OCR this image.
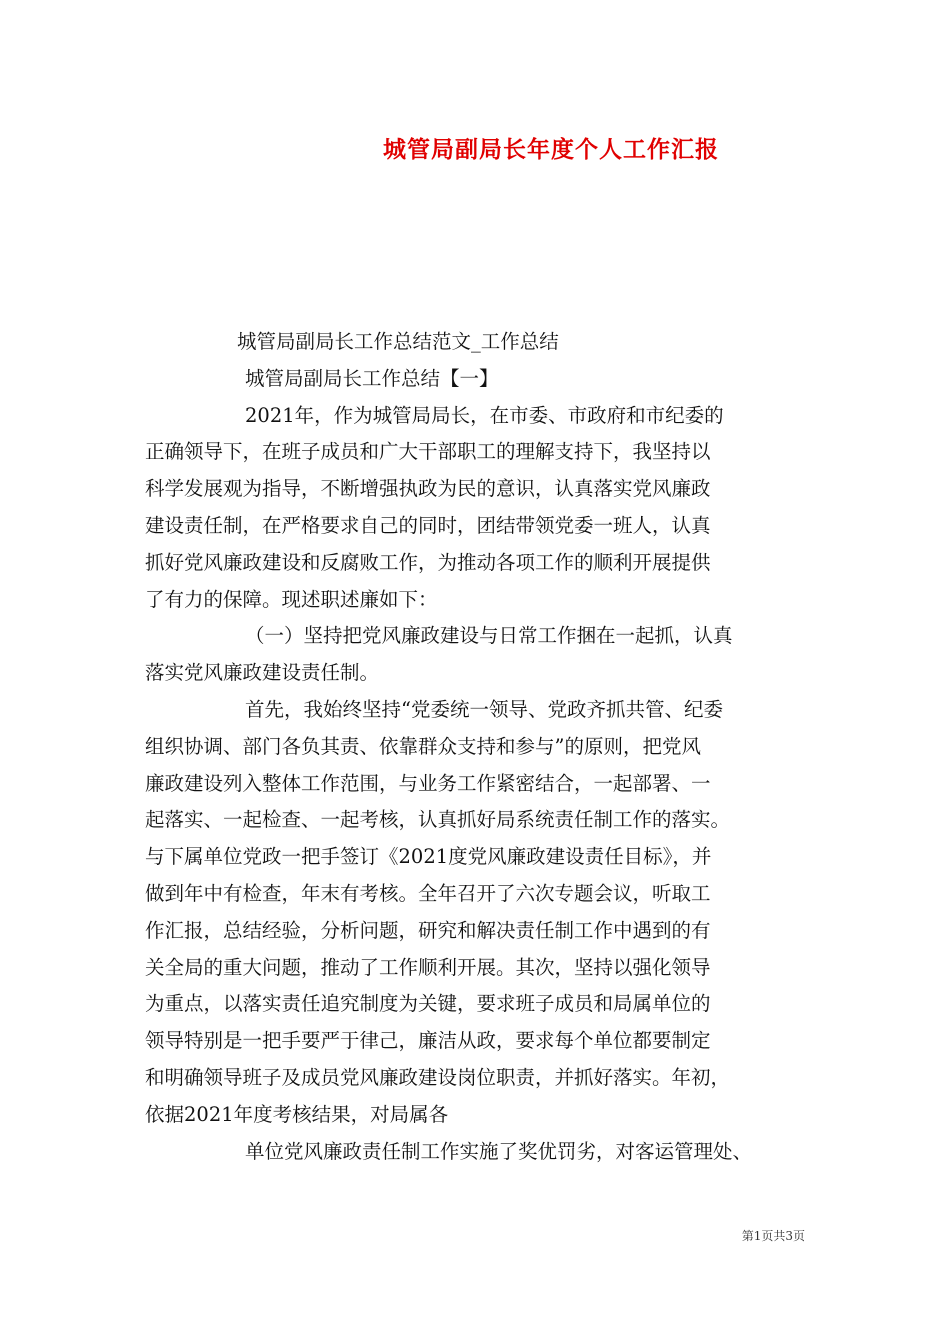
城管局副局长年度个人工作汇报
城管局副局长工作总结范文_工作总结
城管局副局长工作总结【一】
2021年，作为城管局局长，在市委、市政府和市纪委的
正确领导下，在班子成员和广大干部职工的理解支持下，我坚持以
科学发展观为指导，不断增强执政为民的意识，认真落实党风廉政
建设责任制，在严格要求自己的同时，团结带领党委一班人，认真
抓好党风廉政建设和反腐败工作，为推动各项工作的顺利开展提供
了有力的保障。现述职述廉如下：
（一）坚持把党风廉政建设与日常工作捆在一起抓，认真
落实党风廉政建设责任制。
首先，我始终坚持“党委统一领导、党政齐抓共管、纪委
组织协调、部门各负其责、依靠群众支持和参与”的原则，把党风
廉政建设列入整体工作范围，与业务工作紧密结合，一起部署、一
起落实、一起检查、一起考核，认真抓好局系统责任制工作的落实。
与下属单位党政一把手签订《2021度党风廉政建设责任目标》，并
做到年中有检查，年末有考核。全年召开了六次专题会议，听取工
作汇报，总结经验，分析问题，研究和解决责任制工作中遇到的有
关全局的重大问题，推动了工作顺利开展。其次，坚持以强化领导
为重点，以落实责任追究制度为关键，要求班子成员和局属单位的
领导特别是一把手要严于律己，廉洁从政，要求每个单位都要制定
和明确领导班子及成员党风廉政建设岗位职责，并抓好落实。年初，
依据2021年度考核结果，对局属各
单位党风廉政责任制工作实施了奖优罚劣，对客运管理处、
第1页共3页
